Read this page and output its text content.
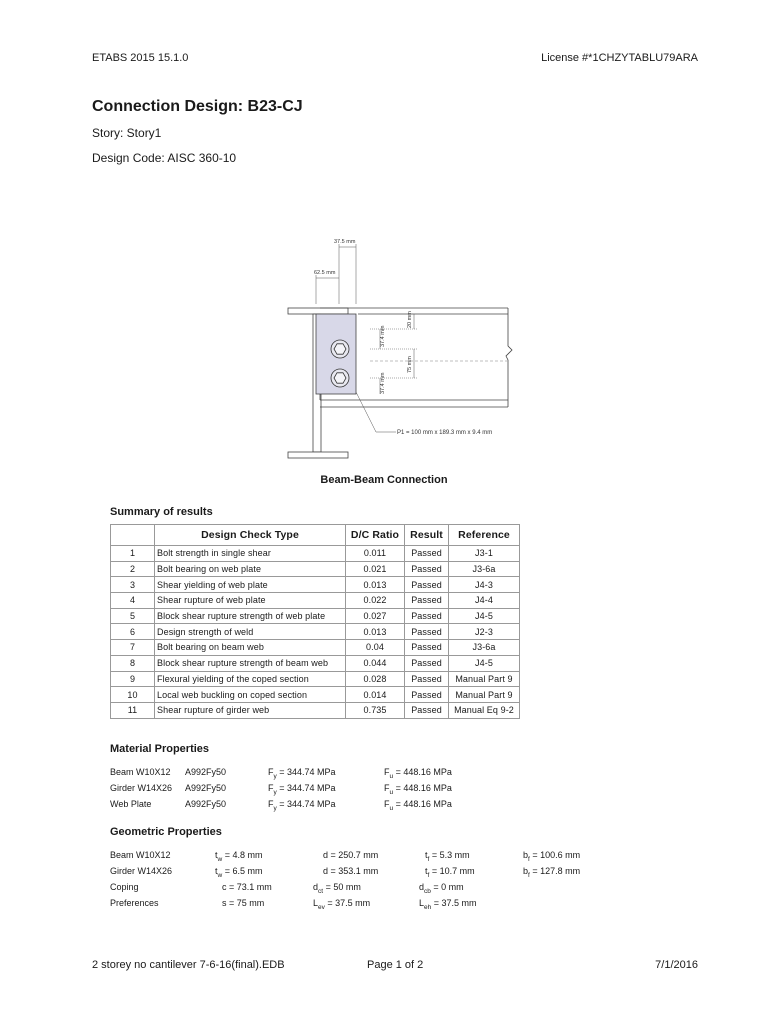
ETABS 2015 15.1.0	License #*1CHZYTABLU79ARA
Connection Design: B23-CJ
Story: Story1
Design Code: AISC 360-10
37.5 mm
62.5 mm
20 mm
75 mm
37.4 mm
37.4 mm
P1 = 100 mm x 189.3 mm x 9.4 mm
Beam-Beam Connection
Summary of results
	Design Check Type	D/C Ratio	Result	Reference
1	Bolt strength in single shear	0.011	Passed	J3-1
2	Bolt bearing on web plate	0.021	Passed	J3-6a
3	Shear yielding of web plate	0.013	Passed	J4-3
4	Shear rupture of web plate	0.022	Passed	J4-4
5	Block shear rupture strength of web plate	0.027	Passed	J4-5
6	Design strength of weld	0.013	Passed	J2-3
7	Bolt bearing on beam web	0.04	Passed	J3-6a
8	Block shear rupture strength of beam web	0.044	Passed	J4-5
9	Flexural yielding of the coped section	0.028	Passed	Manual Part 9
10	Local web buckling on coped section	0.014	Passed	Manual Part 9
11	Shear rupture of girder web	0.735	Passed	Manual Eq 9-2
Material Properties
Beam W10X12 A992Fy50	$F_y = 344.74$ MPa	$F_u = 448.16$ MPa
Girder W14X26 A992Fy50	$F_y = 344.74$ MPa	$F_u = 448.16$ MPa
Web Plate	A992Fy50	$F_y = 344.74$ MPa	$F_u = 448.16$ MPa
Geometric Properties
Beam W10X12	$t_w = 4.8$ mm	d = 250.7 mm	$t_f = 5.3$ mm	$b_f = 100.6$ mm
Girder W14X26	$t_w = 6.5$ mm	d = 353.1 mm	$t_f = 10.7$ mm	$b_f = 127.8$ mm
Coping	c = 73.1 mm	$d_{ct} = 50$ mm	$d_{cb} = 0$ mm
Preferences	s = 75 mm	$L_{ev} = 37.5$ mm	$L_{eh} = 37.5$ mm
2 storey no cantilever 7-6-16(final).EDB	Page 1 of 2	7/1/2016
